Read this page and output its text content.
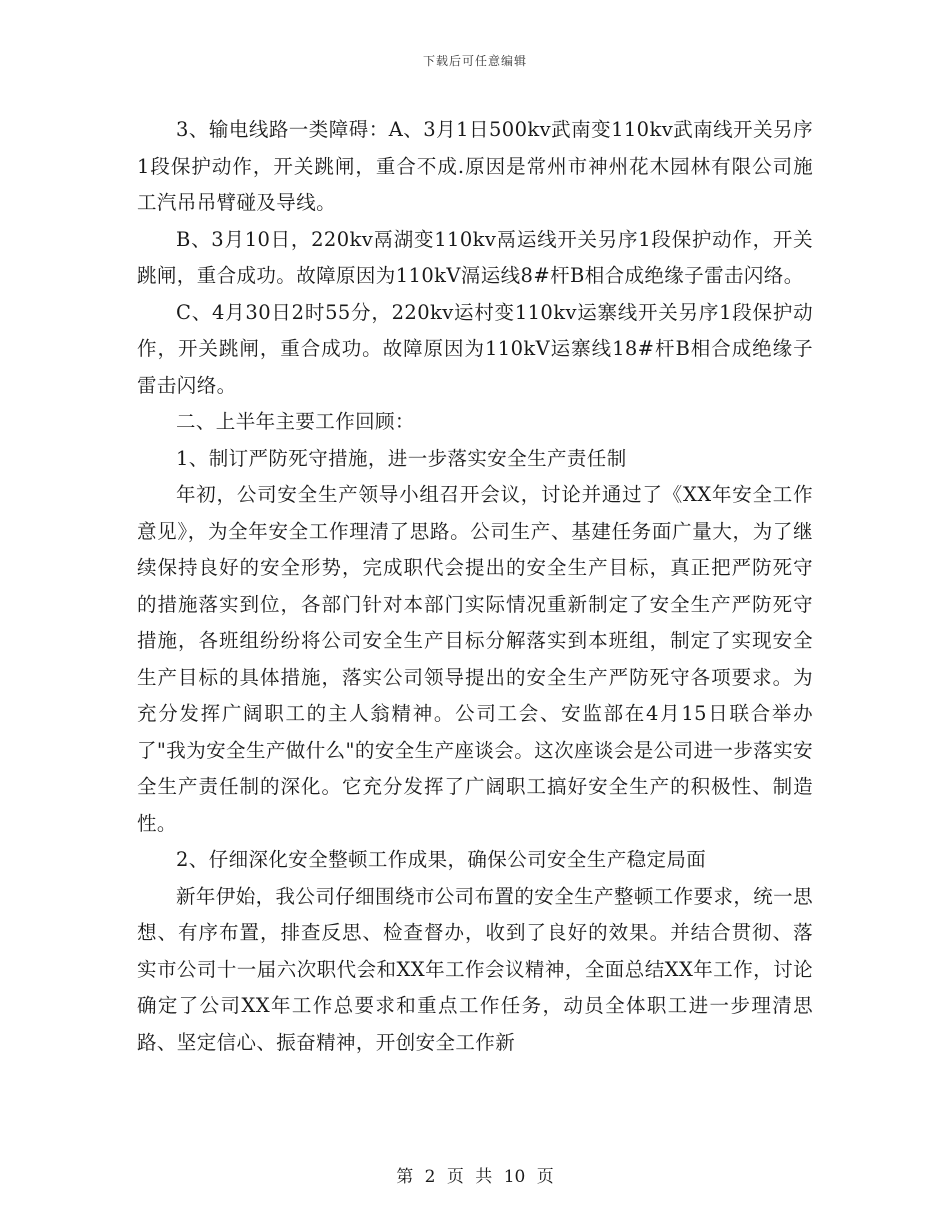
下载后可任意编辑

3、输电线路一类障碍：A、3月1日500kv武南变110kv武南线开关另序1段保护动作，开关跳闸，重合不成.原因是常州市神州花木园林有限公司施工汽吊吊臂碰及导线。

B、3月10日，220kv鬲湖变110kv鬲运线开关另序1段保护动作，开关跳闸，重合成功。故障原因为110kV滆运线8#杆B相合成绝缘子雷击闪络。

C、4月30日2时55分，220kv运村变110kv运寨线开关另序1段保护动作，开关跳闸，重合成功。故障原因为110kV运寨线18#杆B相合成绝缘子雷击闪络。

二、上半年主要工作回顾：

1、制订严防死守措施，进一步落实安全生产责任制

年初，公司安全生产领导小组召开会议，讨论并通过了《XX年安全工作意见》，为全年安全工作理清了思路。公司生产、基建任务面广量大，为了继续保持良好的安全形势，完成职代会提出的安全生产目标，真正把严防死守的措施落实到位，各部门针对本部门实际情况重新制定了安全生产严防死守措施，各班组纷纷将公司安全生产目标分解落实到本班组，制定了实现安全生产目标的具体措施，落实公司领导提出的安全生产严防死守各项要求。为充分发挥广阔职工的主人翁精神。公司工会、安监部在4月15日联合举办了"我为安全生产做什么"的安全生产座谈会。这次座谈会是公司进一步落实安全生产责任制的深化。它充分发挥了广阔职工搞好安全生产的积极性、制造性。

2、仔细深化安全整顿工作成果，确保公司安全生产稳定局面

新年伊始，我公司仔细围绕市公司布置的安全生产整顿工作要求，统一思想、有序布置，排查反思、检查督办，收到了良好的效果。并结合贯彻、落实市公司十一届六次职代会和XX年工作会议精神，全面总结XX年工作，讨论确定了公司XX年工作总要求和重点工作任务，动员全体职工进一步理清思路、坚定信心、振奋精神，开创安全工作新

第 2 页 共 10 页
